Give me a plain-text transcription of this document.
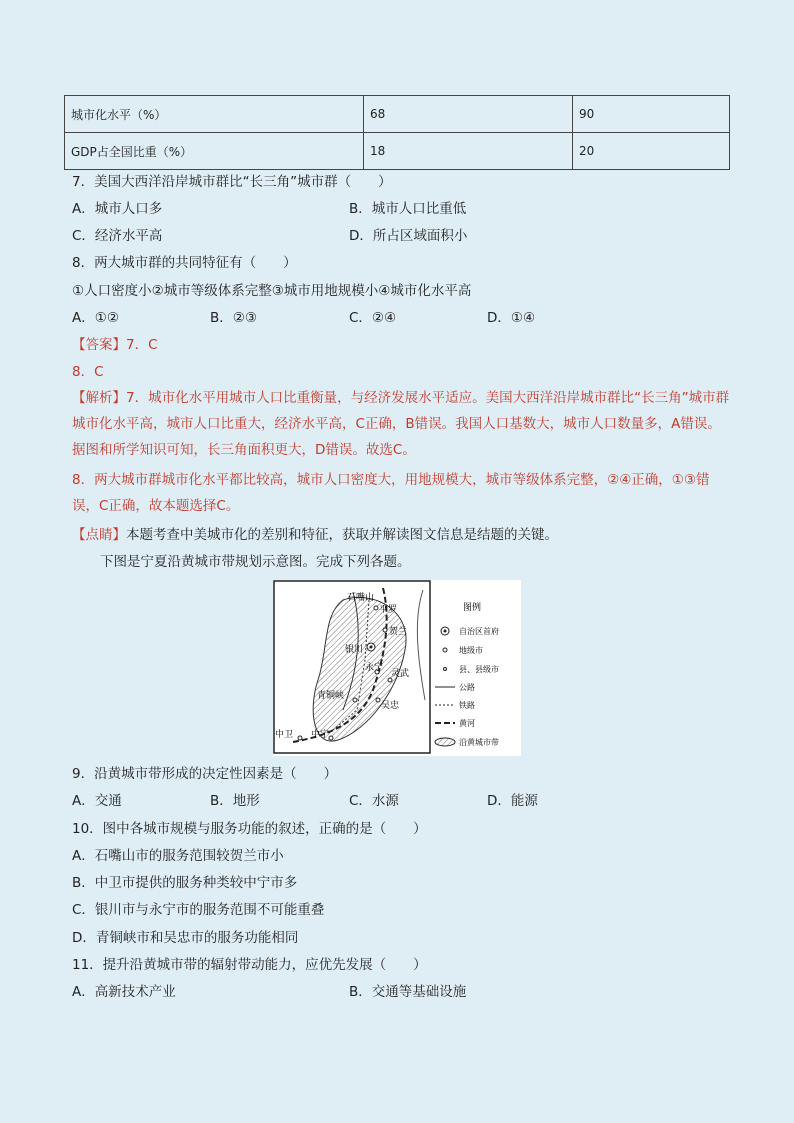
城市化水平（%）	68	90
GDP占全国比重（%）	18	20
7．美国大西洋沿岸城市群比“长三角”城市群（　　）
A．城市人口多	B．城市人口比重低
C．经济水平高	D．所占区域面积小
8．两大城市群的共同特征有（　　）
①人口密度小②城市等级体系完整③城市用地规模小④城市化水平高
A．①②	B．②③	C．②④	D．①④
【答案】7．C
8．C
【解析】7．城市化水平用城市人口比重衡量，与经济发展水平适应。美国大西洋沿岸城市群比“长三角”城市群城市化水平高，城市人口比重大，经济水平高，C正确，B错误。我国人口基数大，城市人口数量多，A错误。据图和所学知识可知，长三角面积更大，D错误。故选C。
8．两大城市群城市化水平都比较高，城市人口密度大，用地规模大，城市等级体系完整，②④正确，①③错误，C正确，故本题选择C。
【点睛】本题考查中美城市化的差别和特征，获取并解读图文信息是结题的关键。
下图是宁夏沿黄城市带规划示意图。完成下列各题。
石嘴山
平罗
贺兰
银川
永宁
灵武
青铜峡
吴忠
中卫 中宁
图例
自治区首府
地级市
县、县级市
公路
铁路
黄河
沿黄城市带
9．沿黄城市带形成的决定性因素是（　　）
A．交通	B．地形	C．水源	D．能源
10．图中各城市规模与服务功能的叙述，正确的是（　　）
A．石嘴山市的服务范围较贺兰市小
B．中卫市提供的服务种类较中宁市多
C．银川市与永宁市的服务范围不可能重叠
D．青铜峡市和吴忠市的服务功能相同
11．提升沿黄城市带的辐射带动能力，应优先发展（　　）
A．高新技术产业	B．交通等基础设施
